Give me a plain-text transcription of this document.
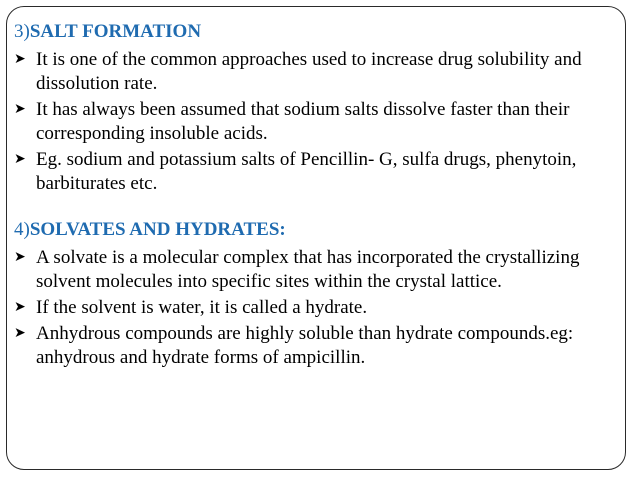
3)SALT FORMATION
➤ It is one of the common approaches used to increase drug solubility and dissolution rate.
➤ It has always been assumed that sodium salts dissolve faster than their corresponding insoluble acids.
➤ Eg. sodium and potassium salts of Pencillin- G, sulfa drugs, phenytoin, barbiturates etc.
4)SOLVATES AND HYDRATES:
➤ A solvate is a molecular complex that has incorporated the crystallizing solvent molecules into specific sites within the crystal lattice.
➤ If the solvent is water, it is called a hydrate.
➤ Anhydrous compounds are highly soluble than hydrate compounds.eg: anhydrous and hydrate forms of ampicillin.
